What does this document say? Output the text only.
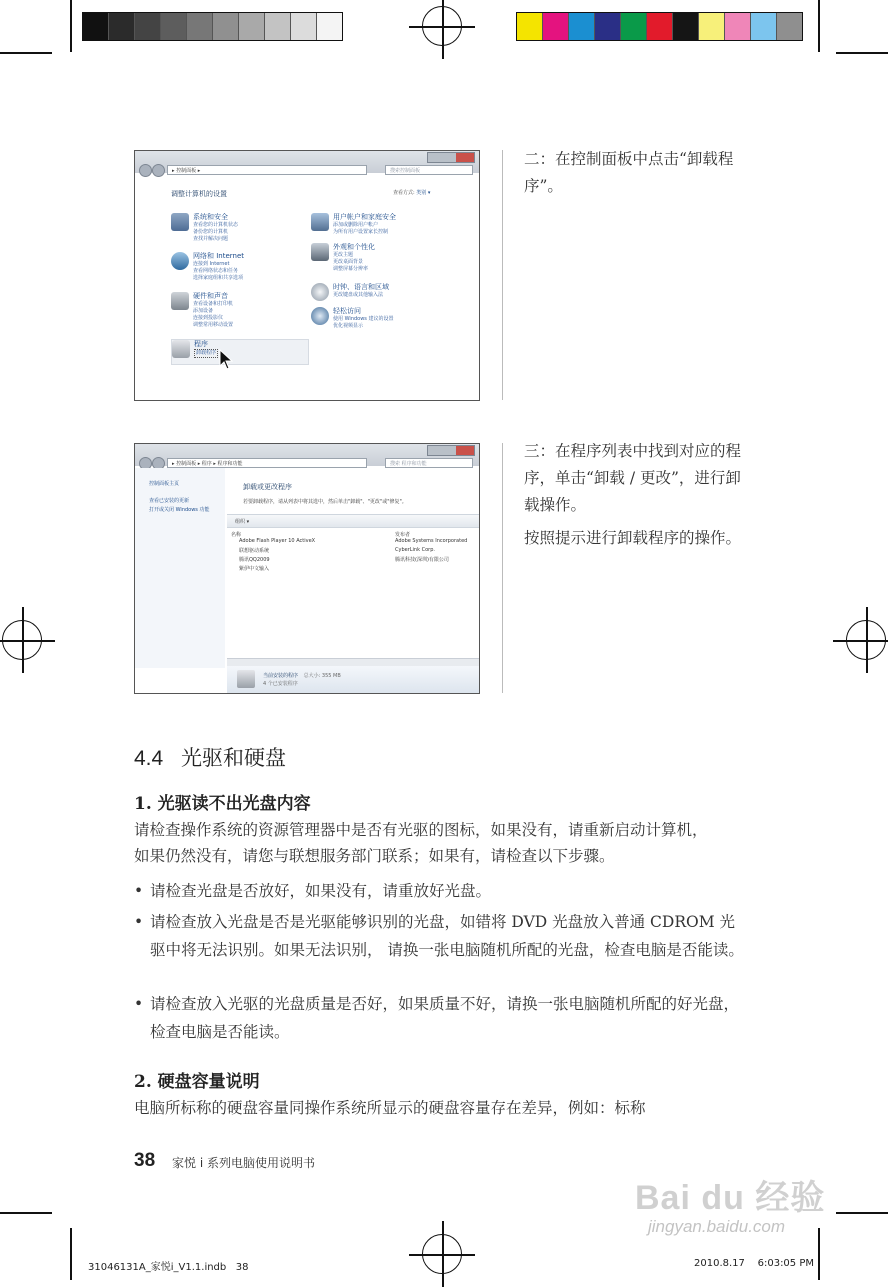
▸ 控制面板 ▸	搜索控制面板
调整计算机的设置	查看方式: 类别 ▾
系统和安全
查看您的计算机状态
备份您的计算机
查找并解决问题
网络和 Internet
连接到 Internet
查看网络状态和任务
选择家庭组和共享选项
硬件和声音
查看设备和打印机
添加设备
连接到投影仪
调整常用移动设置
程序
卸载程序
用户帐户和家庭安全
添加或删除用户帐户
为所有用户设置家长控制
外观和个性化
更改主题
更改桌面背景
调整屏幕分辨率
时钟、语言和区域
更改键盘或其他输入法
轻松访问
使用 Windows 建议的设置
优化视频显示
▸ 控制面板 ▸ 程序 ▸ 程序和功能	搜索 程序和功能
控制面板主页
查看已安装的更新
打开或关闭 Windows 功能
卸载或更改程序
若要卸载程序，请从列表中将其选中，然后单击"卸载"、"更改"或"修复"。
组织 ▾
名称	发布者
Adobe Flash Player 10 ActiveX	Adobe Systems Incorporated
联想驱动系统	CyberLink Corp.
腾讯QQ2009	腾讯科技(深圳)有限公司
紫伊中文输入
当前安装的程序 总大小: 355 MB
4 个已安装程序
二：在控制面板中点击“卸载程序”。
三：在程序列表中找到对应的程序，单击“卸载 / 更改”，进行卸载操作。
按照提示进行卸载程序的操作。
4.4 光驱和硬盘
1. 光驱读不出光盘内容
请检查操作系统的资源管理器中是否有光驱的图标，如果没有，请重新启动计算机，
如果仍然没有，请您与联想服务部门联系；如果有，请检查以下步骤。
• 请检查光盘是否放好，如果没有，请重放好光盘。
• 请检查放入光盘是否是光驱能够识别的光盘，如错将 DVD 光盘放入普通 CDROM 光驱中将无法识别。如果无法识别， 请换一张电脑随机所配的光盘，检查电脑是否能读。
• 请检查放入光驱的光盘质量是否好，如果质量不好，请换一张电脑随机所配的好光盘，检查电脑是否能读。
2. 硬盘容量说明
电脑所标称的硬盘容量同操作系统所显示的硬盘容量存在差异，例如：标称
38 家悦 i 系列电脑使用说明书
Bai du 经验
jingyan.baidu.com
31046131A_家悦i_V1.1.indb   38	2010.8.17    6:03:05 PM
